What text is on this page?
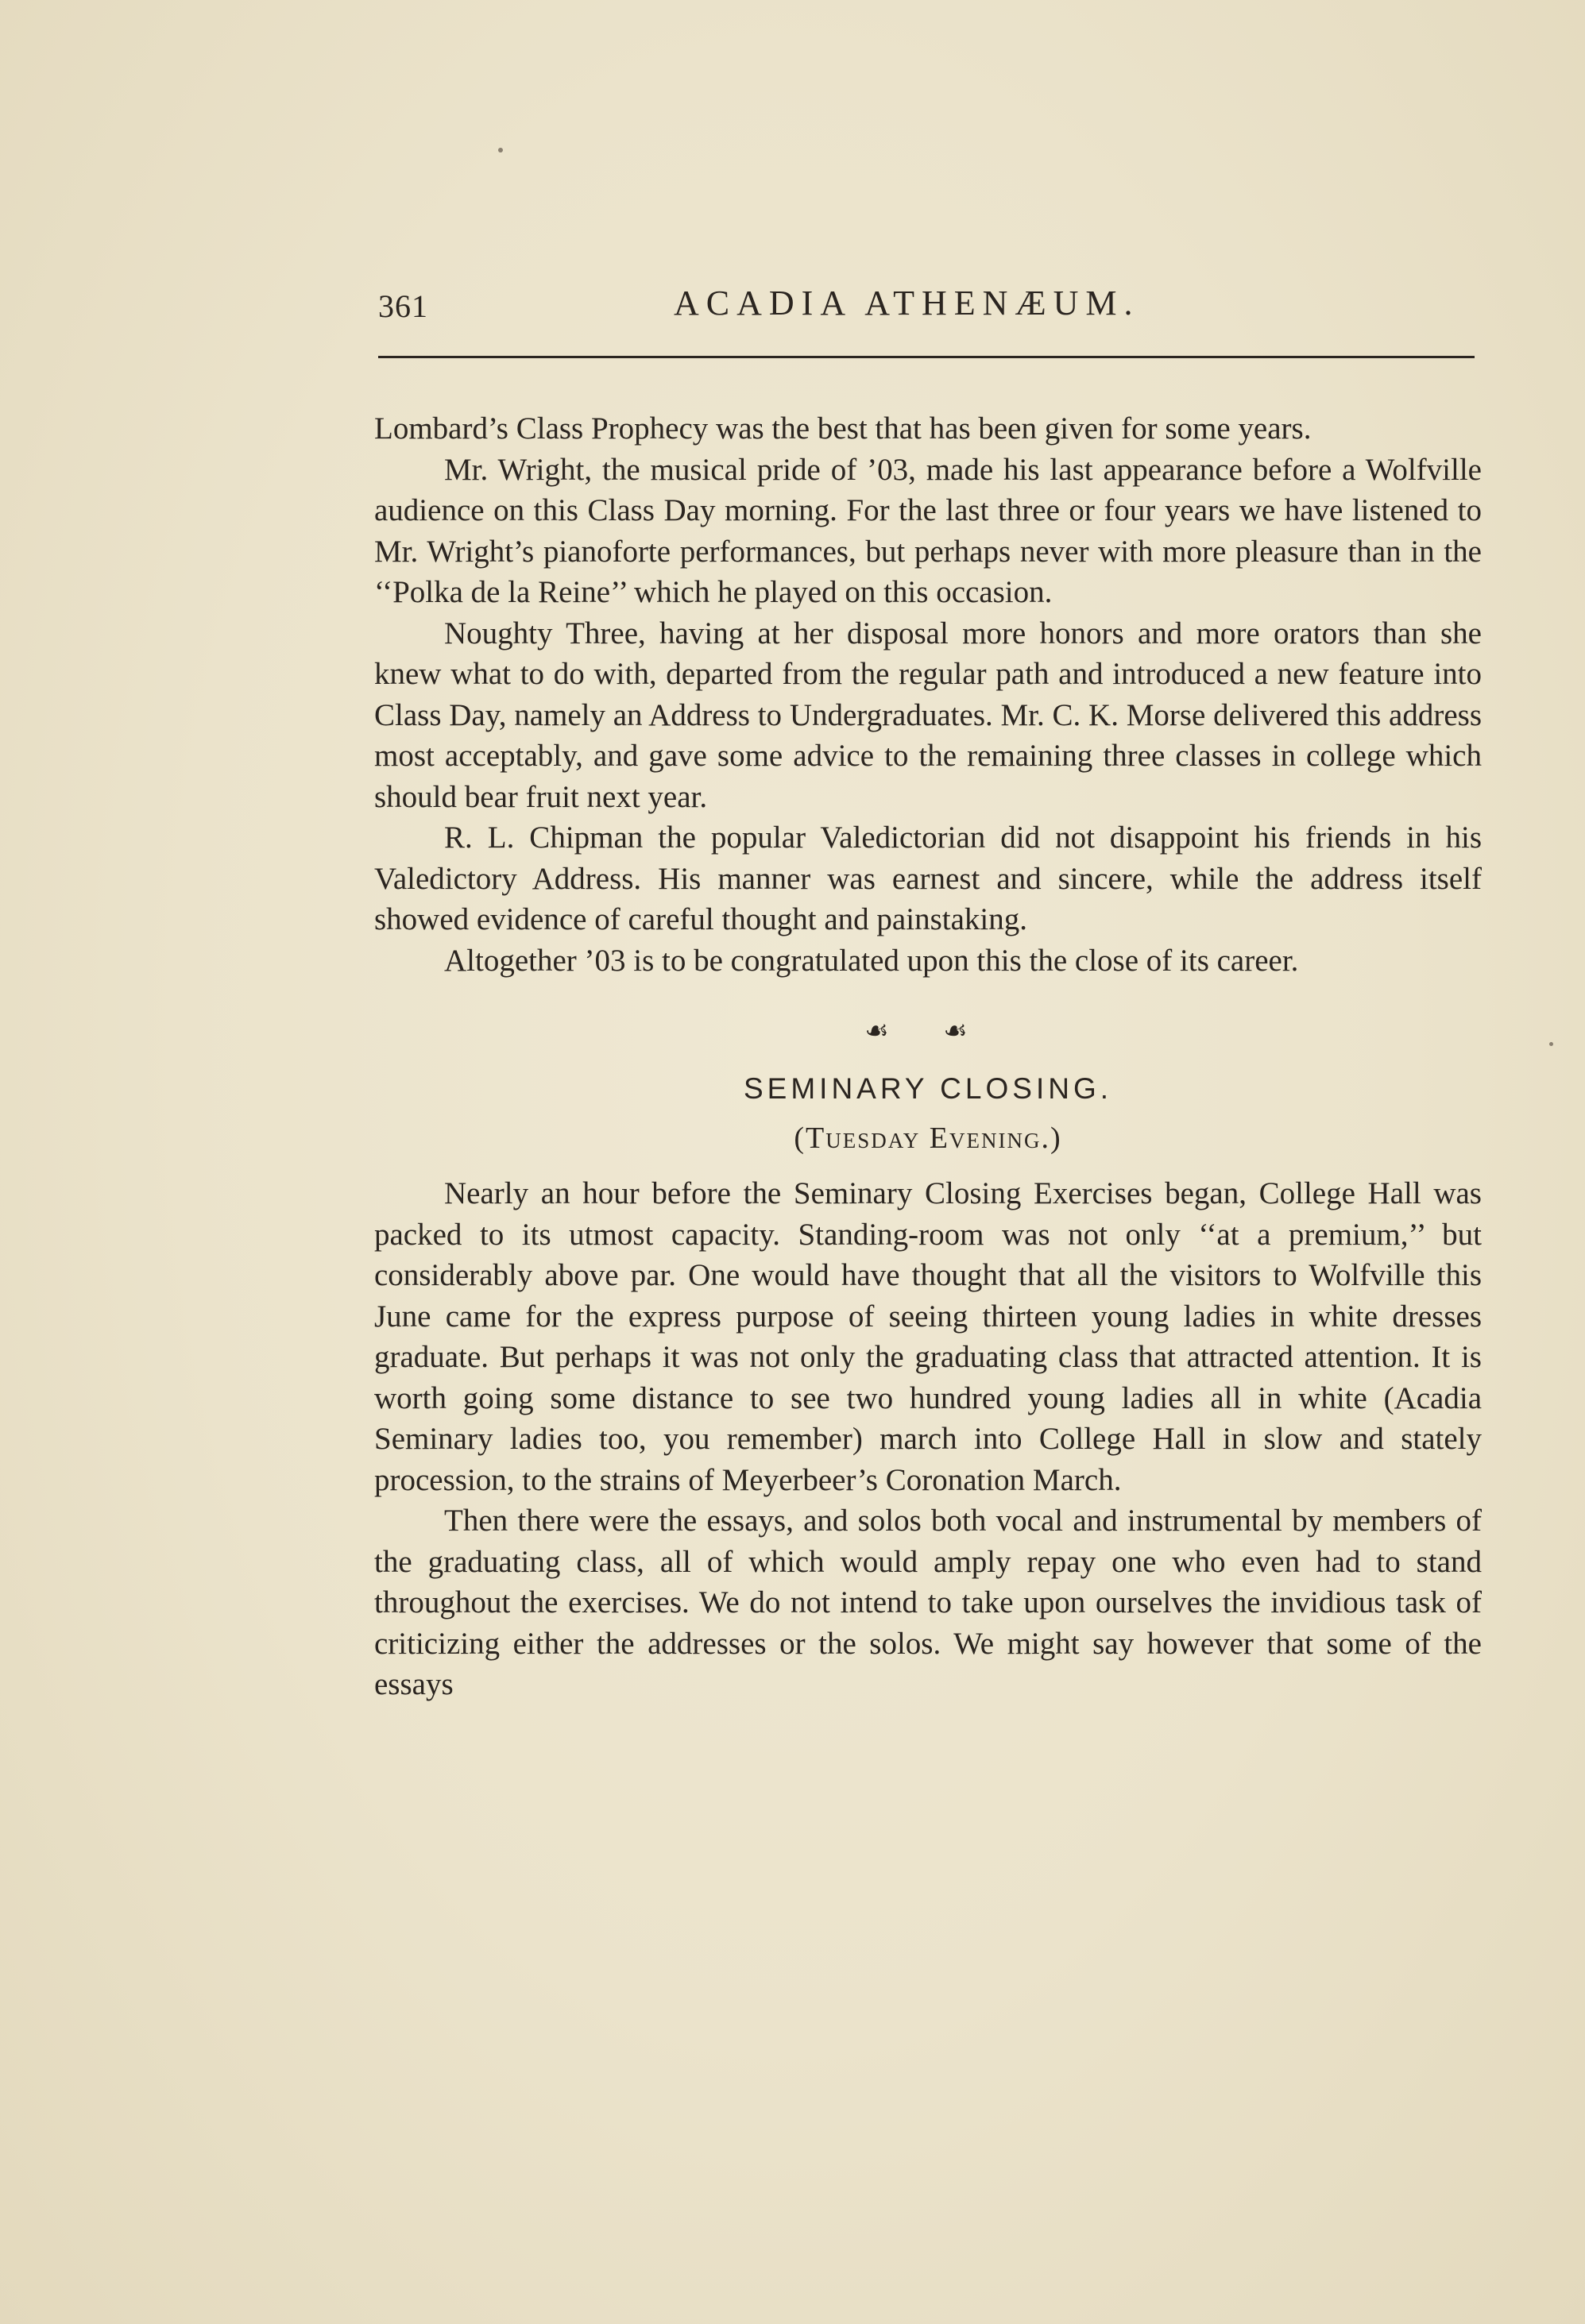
361	ACADIA ATHENÆUM.

Lombard’s Class Prophecy was the best that has been given for some years.

Mr. Wright, the musical pride of ’03, made his last appearance before a Wolfville audience on this Class Day morning. For the last three or four years we have listened to Mr. Wright’s pianoforte performances, but perhaps never with more pleasure than in the ‘‘Polka de la Reine’’ which he played on this occasion.

Noughty Three, having at her disposal more honors and more orators than she knew what to do with, departed from the regular path and introduced a new feature into Class Day, namely an Address to Undergraduates. Mr. C. K. Morse delivered this address most acceptably, and gave some advice to the remaining three classes in college which should bear fruit next year.

R. L. Chipman the popular Valedictorian did not disappoint his friends in his Valedictory Address. His manner was earnest and sincere, while the address itself showed evidence of careful thought and painstaking.

Altogether ’03 is to be congratulated upon this the close of its career.

☙ ☙
SEMINARY CLOSING.
(Tuesday Evening.)

Nearly an hour before the Seminary Closing Exercises began, College Hall was packed to its utmost capacity. Standing-room was not only ‘‘at a premium,’’ but considerably above par. One would have thought that all the visitors to Wolfville this June came for the express purpose of seeing thirteen young ladies in white dresses graduate. But perhaps it was not only the graduating class that attracted attention. It is worth going some distance to see two hundred young ladies all in white (Acadia Seminary ladies too, you remember) march into College Hall in slow and stately procession, to the strains of Meyerbeer’s Coronation March.

Then there were the essays, and solos both vocal and instrumental by members of the graduating class, all of which would amply repay one who even had to stand throughout the exercises. We do not intend to take upon ourselves the invidious task of criticizing either the addresses or the solos. We might say however that some of the essays
